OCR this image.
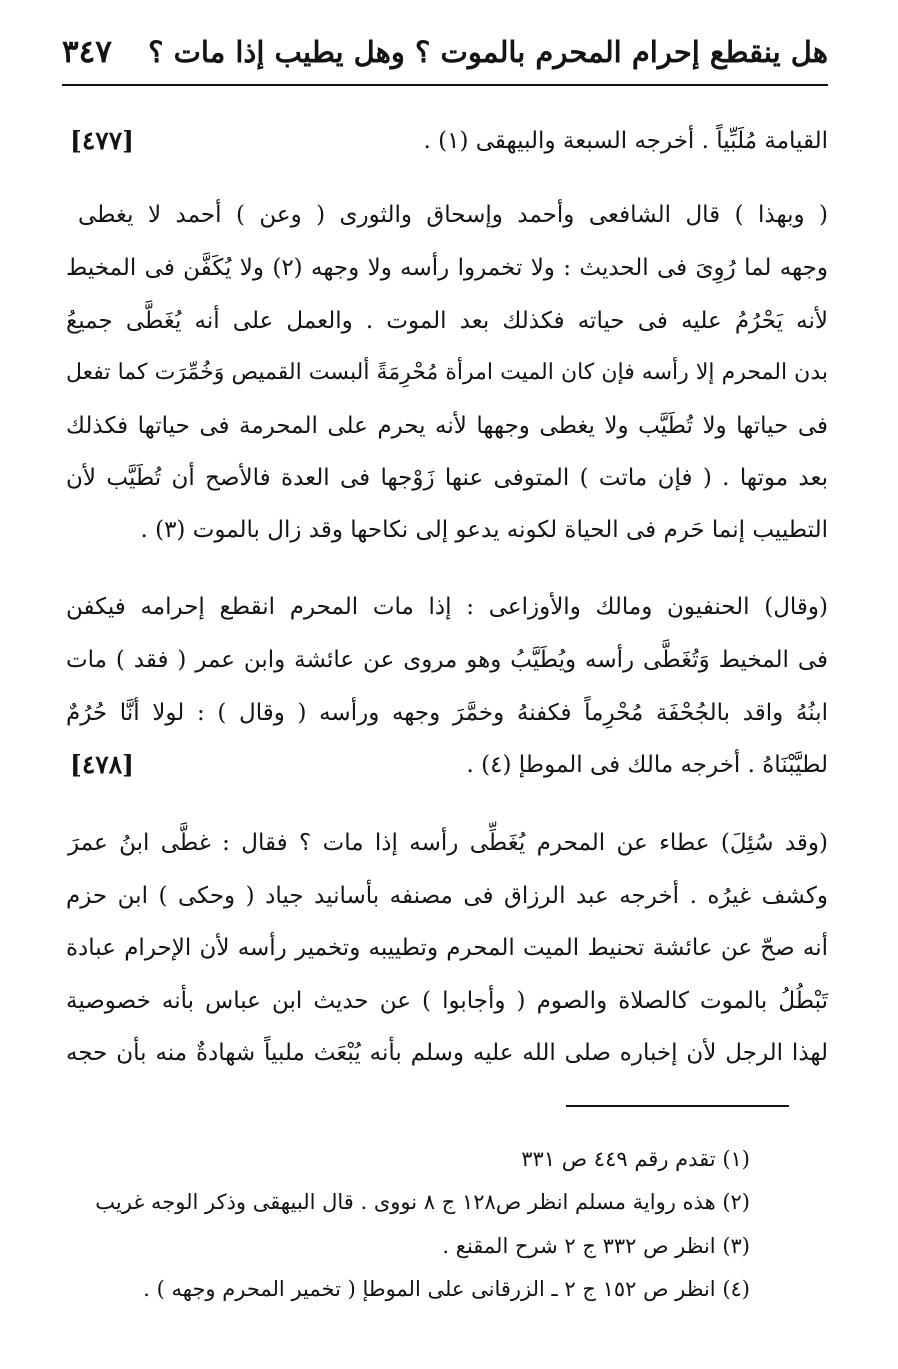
هل ينقطع إحرام المحرم بالموت ؟ وهل يطيب إذا مات ؟
٣٤٧
القيامة مُلَبِّياً . أخرجه السبعة والبيهقى (١) .
[٤٧٧]
( وبهذا ) قال الشافعى وأحمد وإسحاق والثورى ( وعن ) أحمد لا يغطى
وجهه لما رُوِىَ فى الحديث : ولا تخمروا رأسه ولا وجهه (٢) ولا يُكَفَّن فى المخيط
لأنه يَحْرُمُ عليه فى حياته فكذلك بعد الموت . والعمل على أنه يُغَطَّى جميعُ
بدن المحرم إلا رأسه فإن كان الميت امرأة مُحْرِمَةً ألبست القميص وَخُمِّرَت كما تفعل
فى حياتها ولا تُطَيَّب ولا يغطى وجهها لأنه يحرم على المحرمة فى حياتها فكذلك
بعد موتها . ( فإن ماتت ) المتوفى عنها زَوْجها فى العدة فالأصح أن تُطَيَّب لأن
التطييب إنما حَرم فى الحياة لكونه يدعو إلى نكاحها وقد زال بالموت (٣) .
(وقال) الحنفيون ومالك والأوزاعى : إذا مات المحرم انقطع إحرامه فيكفن
فى المخيط وَتُغَطَّى رأسه ويُطَيَّبُ وهو مروى عن عائشة وابن عمر ( فقد ) مات
ابنُهُ واقد بالجُحْفَة مُحْرِماً فكفنهُ وخمَّرَ وجهه ورأسه ( وقال ) : لولا أنَّا حُرُمٌ
لطيَّبْنَاهُ . أخرجه مالك فى الموطإ (٤) .
[٤٧٨]
(وقد سُئِلَ) عطاء عن المحرم يُغَطِّى رأسه إذا مات ؟ فقال : غطَّى ابنُ عمرَ
وكشف غيرُه . أخرجه عبد الرزاق فى مصنفه بأسانيد جياد ( وحكى ) ابن حزم
أنه صحّ عن عائشة تحنيط الميت المحرم وتطييبه وتخمير رأسه لأن الإحرام عبادة
تَبْطُلُ بالموت كالصلاة والصوم ( وأجابوا ) عن حديث ابن عباس بأنه خصوصية
لهذا الرجل لأن إخباره صلى الله عليه وسلم بأنه يُبْعَث ملبياً شهادةٌ منه بأن حجه
(١) تقدم رقم ٤٤٩ ص ٣٣١
(٢) هذه رواية مسلم انظر ص١٢٨ ج ٨ نووى . قال البيهقى وذكر الوجه غريب
(٣) انظر ص ٣٣٢ ج ٢ شرح المقنع .
(٤) انظر ص ١٥٢ ج ٢ ـ الزرقانى على الموطإ ( تخمير المحرم وجهه ) .
